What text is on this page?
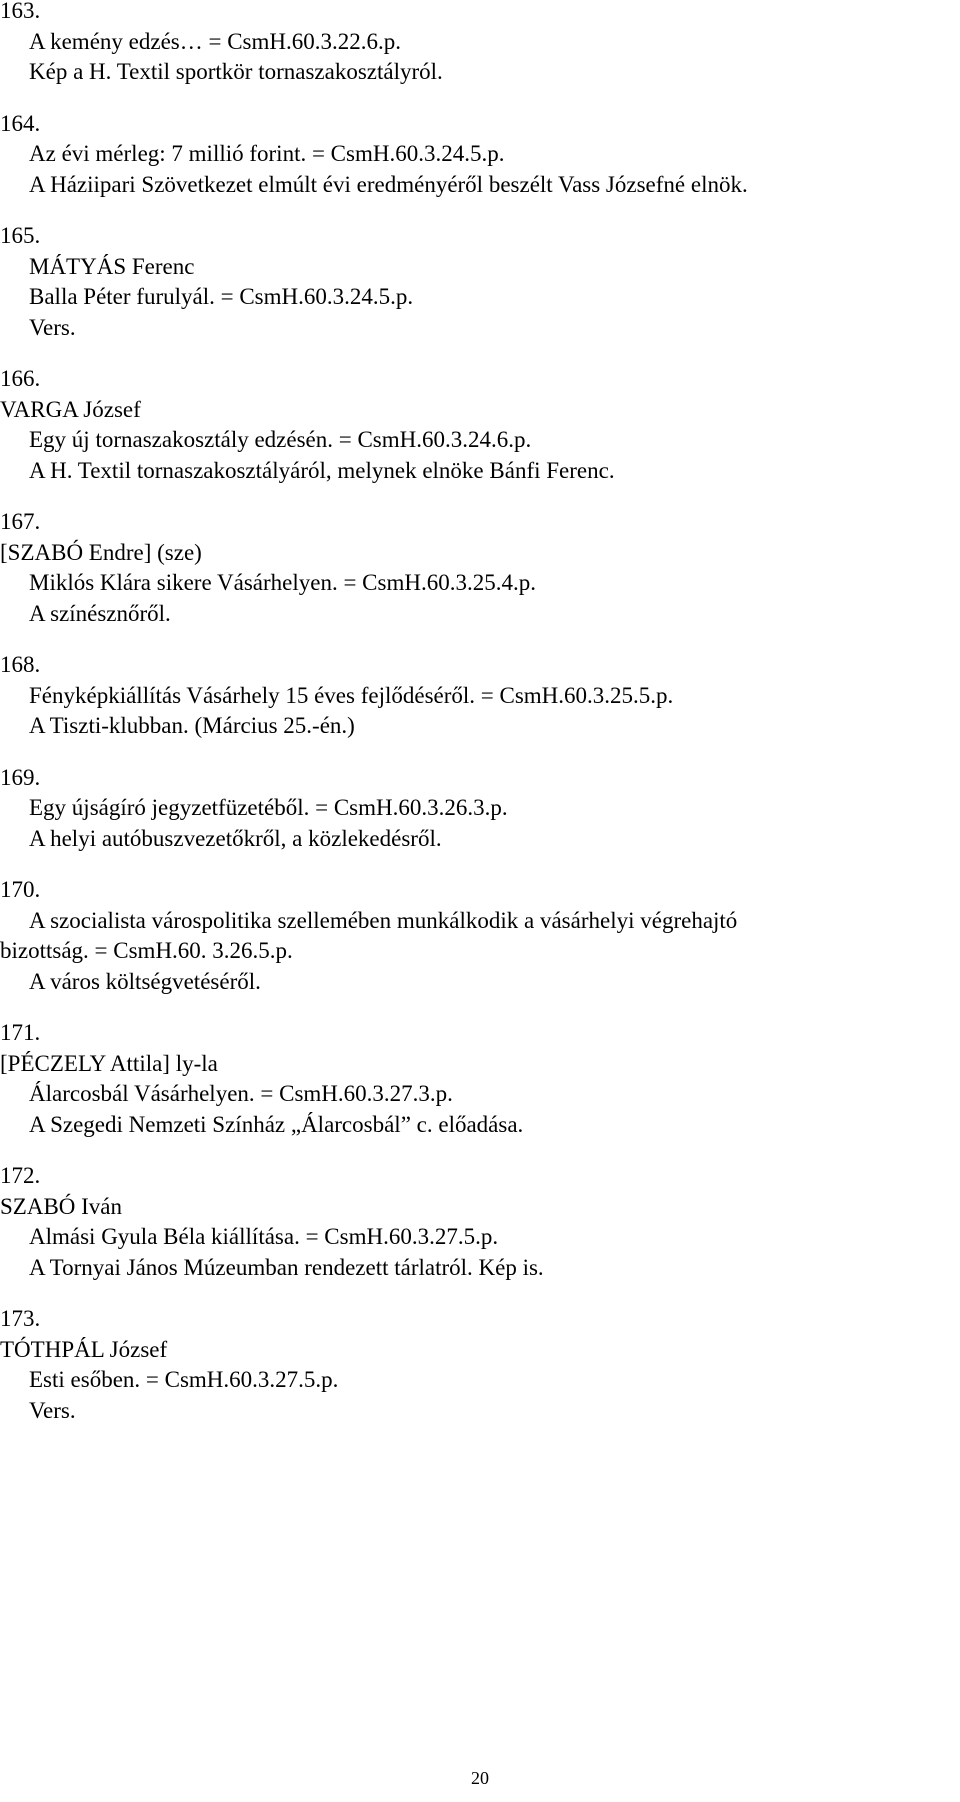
163.
A kemény edzés… = CsmH.60.3.22.6.p.
Kép a H. Textil sportkör tornaszakosztályról.
164.
Az évi mérleg: 7 millió forint. = CsmH.60.3.24.5.p.
A Háziipari Szövetkezet elmúlt évi eredményéről beszélt Vass Józsefné elnök.
165.
MÁTYÁS Ferenc
Balla Péter furulyál. = CsmH.60.3.24.5.p.
Vers.
166.
VARGA József
Egy új tornaszakosztály edzésén. = CsmH.60.3.24.6.p.
A H. Textil tornaszakosztályáról, melynek elnöke Bánfi Ferenc.
167.
[SZABÓ Endre] (sze)
Miklós Klára sikere Vásárhelyen. = CsmH.60.3.25.4.p.
A színésznőről.
168.
Fényképkiállítás Vásárhely 15 éves fejlődéséről. = CsmH.60.3.25.5.p.
A Tiszti-klubban. (Március 25.-én.)
169.
Egy újságíró jegyzetfüzetéből. = CsmH.60.3.26.3.p.
A helyi autóbuszvezetőkről, a közlekedésről.
170.
A szocialista várospolitika szellemében munkálkodik a vásárhelyi végrehajtó
bizottság. = CsmH.60. 3.26.5.p.
A város költségvetéséről.
171.
[PÉCZELY Attila] ly-la
Álarcosbál Vásárhelyen. = CsmH.60.3.27.3.p.
A Szegedi Nemzeti Színház „Álarcosbál” c. előadása.
172.
SZABÓ Iván
Almási Gyula Béla kiállítása. = CsmH.60.3.27.5.p.
A Tornyai János Múzeumban rendezett tárlatról. Kép is.
173.
TÓTHPÁL József
Esti esőben. = CsmH.60.3.27.5.p.
Vers.
20
